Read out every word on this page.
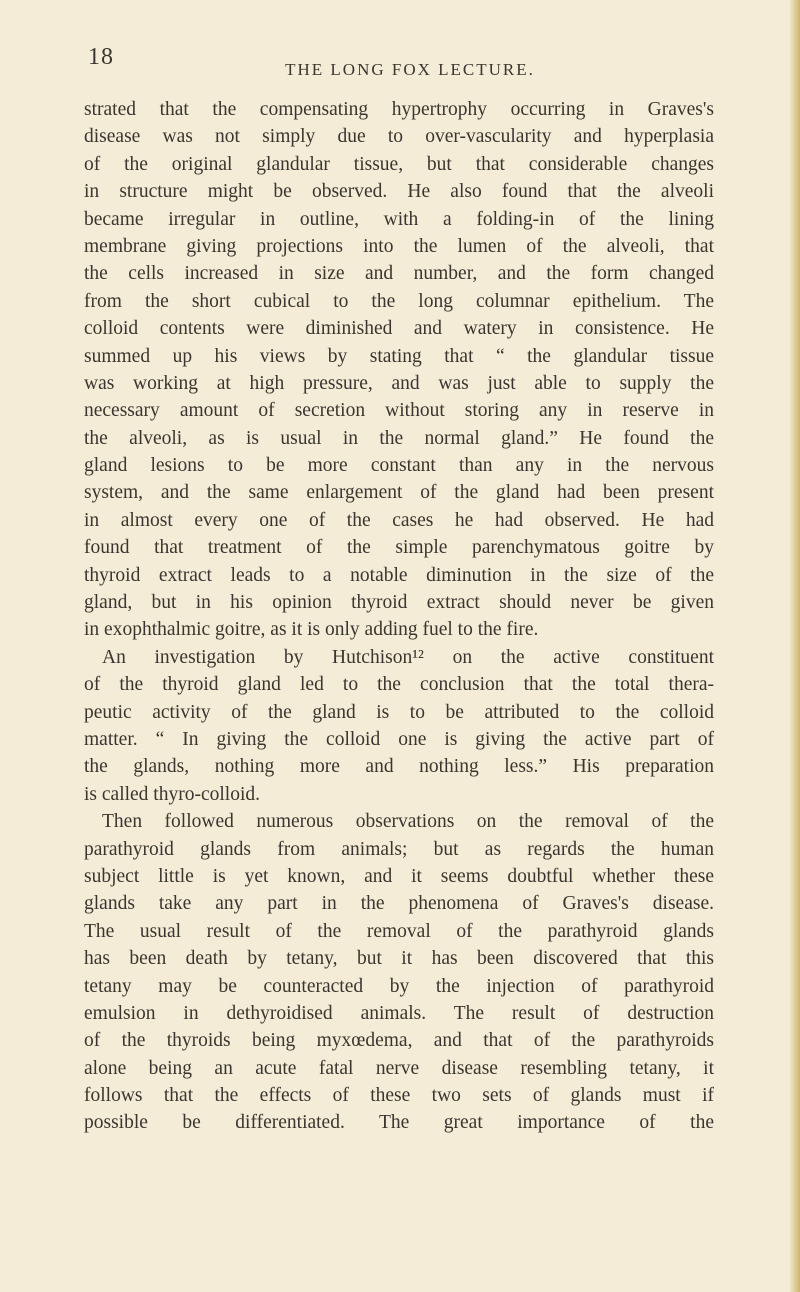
18	THE LONG FOX LECTURE.
strated that the compensating hypertrophy occurring in Graves's
disease was not simply due to over-vascularity and hyperplasia
of the original glandular tissue, but that considerable changes
in structure might be observed. He also found that the alveoli
became irregular in outline, with a folding-in of the lining
membrane giving projections into the lumen of the alveoli, that
the cells increased in size and number, and the form changed
from the short cubical to the long columnar epithelium. The
colloid contents were diminished and watery in consistence. He
summed up his views by stating that “ the glandular tissue
was working at high pressure, and was just able to supply the
necessary amount of secretion without storing any in reserve in
the alveoli, as is usual in the normal gland.” He found the
gland lesions to be more constant than any in the nervous
system, and the same enlargement of the gland had been present
in almost every one of the cases he had observed. He had
found that treatment of the simple parenchymatous goitre by
thyroid extract leads to a notable diminution in the size of the
gland, but in his opinion thyroid extract should never be given
in exophthalmic goitre, as it is only adding fuel to the fire.
An investigation by Hutchison¹² on the active constituent
of the thyroid gland led to the conclusion that the total thera-
peutic activity of the gland is to be attributed to the colloid
matter. “ In giving the colloid one is giving the active part of
the glands, nothing more and nothing less.” His preparation
is called thyro-colloid.
Then followed numerous observations on the removal of the
parathyroid glands from animals; but as regards the human
subject little is yet known, and it seems doubtful whether these
glands take any part in the phenomena of Graves's disease.
The usual result of the removal of the parathyroid glands
has been death by tetany, but it has been discovered that this
tetany may be counteracted by the injection of parathyroid
emulsion in dethyroidised animals. The result of destruction
of the thyroids being myxœdema, and that of the parathyroids
alone being an acute fatal nerve disease resembling tetany, it
follows that the effects of these two sets of glands must if
possible be differentiated. The great importance of the
